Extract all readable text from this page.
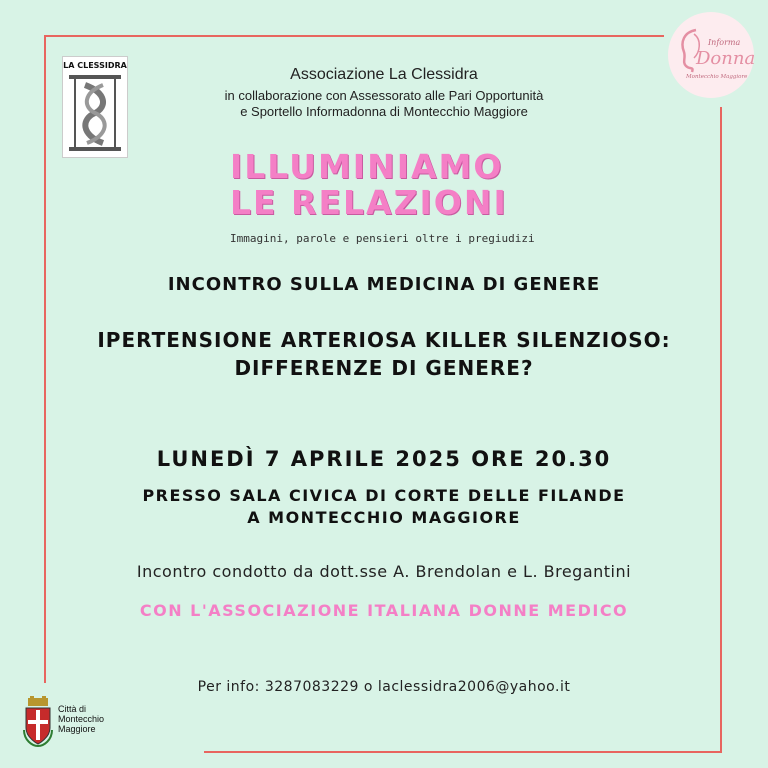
LA CLESSIDRA
Informa
Donna
Montecchio Maggiore
Associazione La Clessidra
in collaborazione con Assessorato alle Pari Opportunità
e Sportello Informadonna di Montecchio Maggiore
ILLUMINIAMO
LE RELAZIONI
Immagini, parole e pensieri oltre i pregiudizi
INCONTRO SULLA MEDICINA DI GENERE
IPERTENSIONE ARTERIOSA KILLER SILENZIOSO:
DIFFERENZE DI GENERE?
LUNEDÌ 7 APRILE 2025 ORE 20.30
PRESSO SALA CIVICA DI CORTE DELLE FILANDE
A MONTECCHIO MAGGIORE
Incontro condotto da dott.sse A. Brendolan e L. Bregantini
CON L'ASSOCIAZIONE ITALIANA DONNE MEDICO
Per info: 3287083229 o laclessidra2006@yahoo.it
Città di
Montecchio
Maggiore
